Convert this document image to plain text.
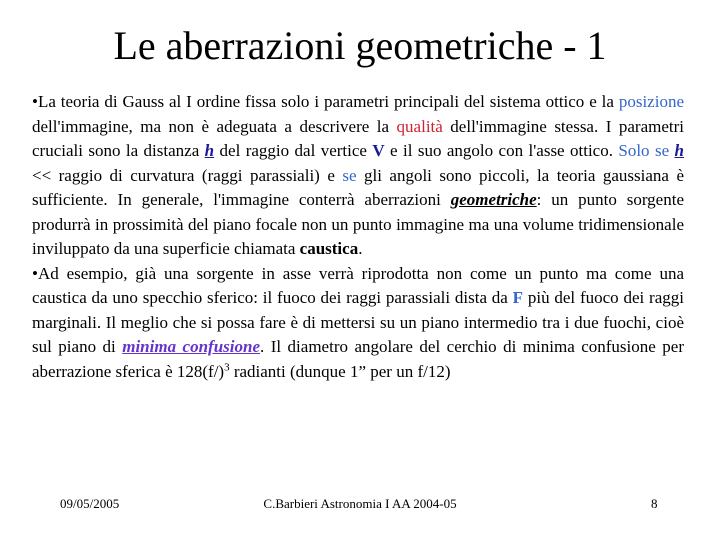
Le aberrazioni geometriche - 1

•La teoria di Gauss al I ordine fissa solo i parametri principali del sistema ottico e la posizione dell'immagine, ma non è adeguata a descrivere la qualità dell'immagine stessa. I parametri cruciali sono la distanza h del raggio dal vertice V e il suo angolo con l'asse ottico. Solo se h << raggio di curvatura (raggi parassiali) e se gli angoli sono piccoli, la teoria gaussiana è sufficiente. In generale, l'immagine conterrà aberrazioni geometriche: un punto sorgente produrrà in prossimità del piano focale non un punto immagine ma una volume tridimensionale inviluppato da una superficie chiamata caustica.

•Ad esempio, già una sorgente in asse verrà riprodotta non come un punto ma come una caustica da uno specchio sferico: il fuoco dei raggi parassiali dista da F più del fuoco dei raggi marginali. Il meglio che si possa fare è di mettersi su un piano intermedio tra i due fuochi, cioè sul piano di minima confusione. Il diametro angolare del cerchio di minima confusione per aberrazione sferica è $128(f/)^3$ radianti (dunque 1” per un f/12)

09/05/2005	C.Barbieri Astronomia I AA 2004-05	8
